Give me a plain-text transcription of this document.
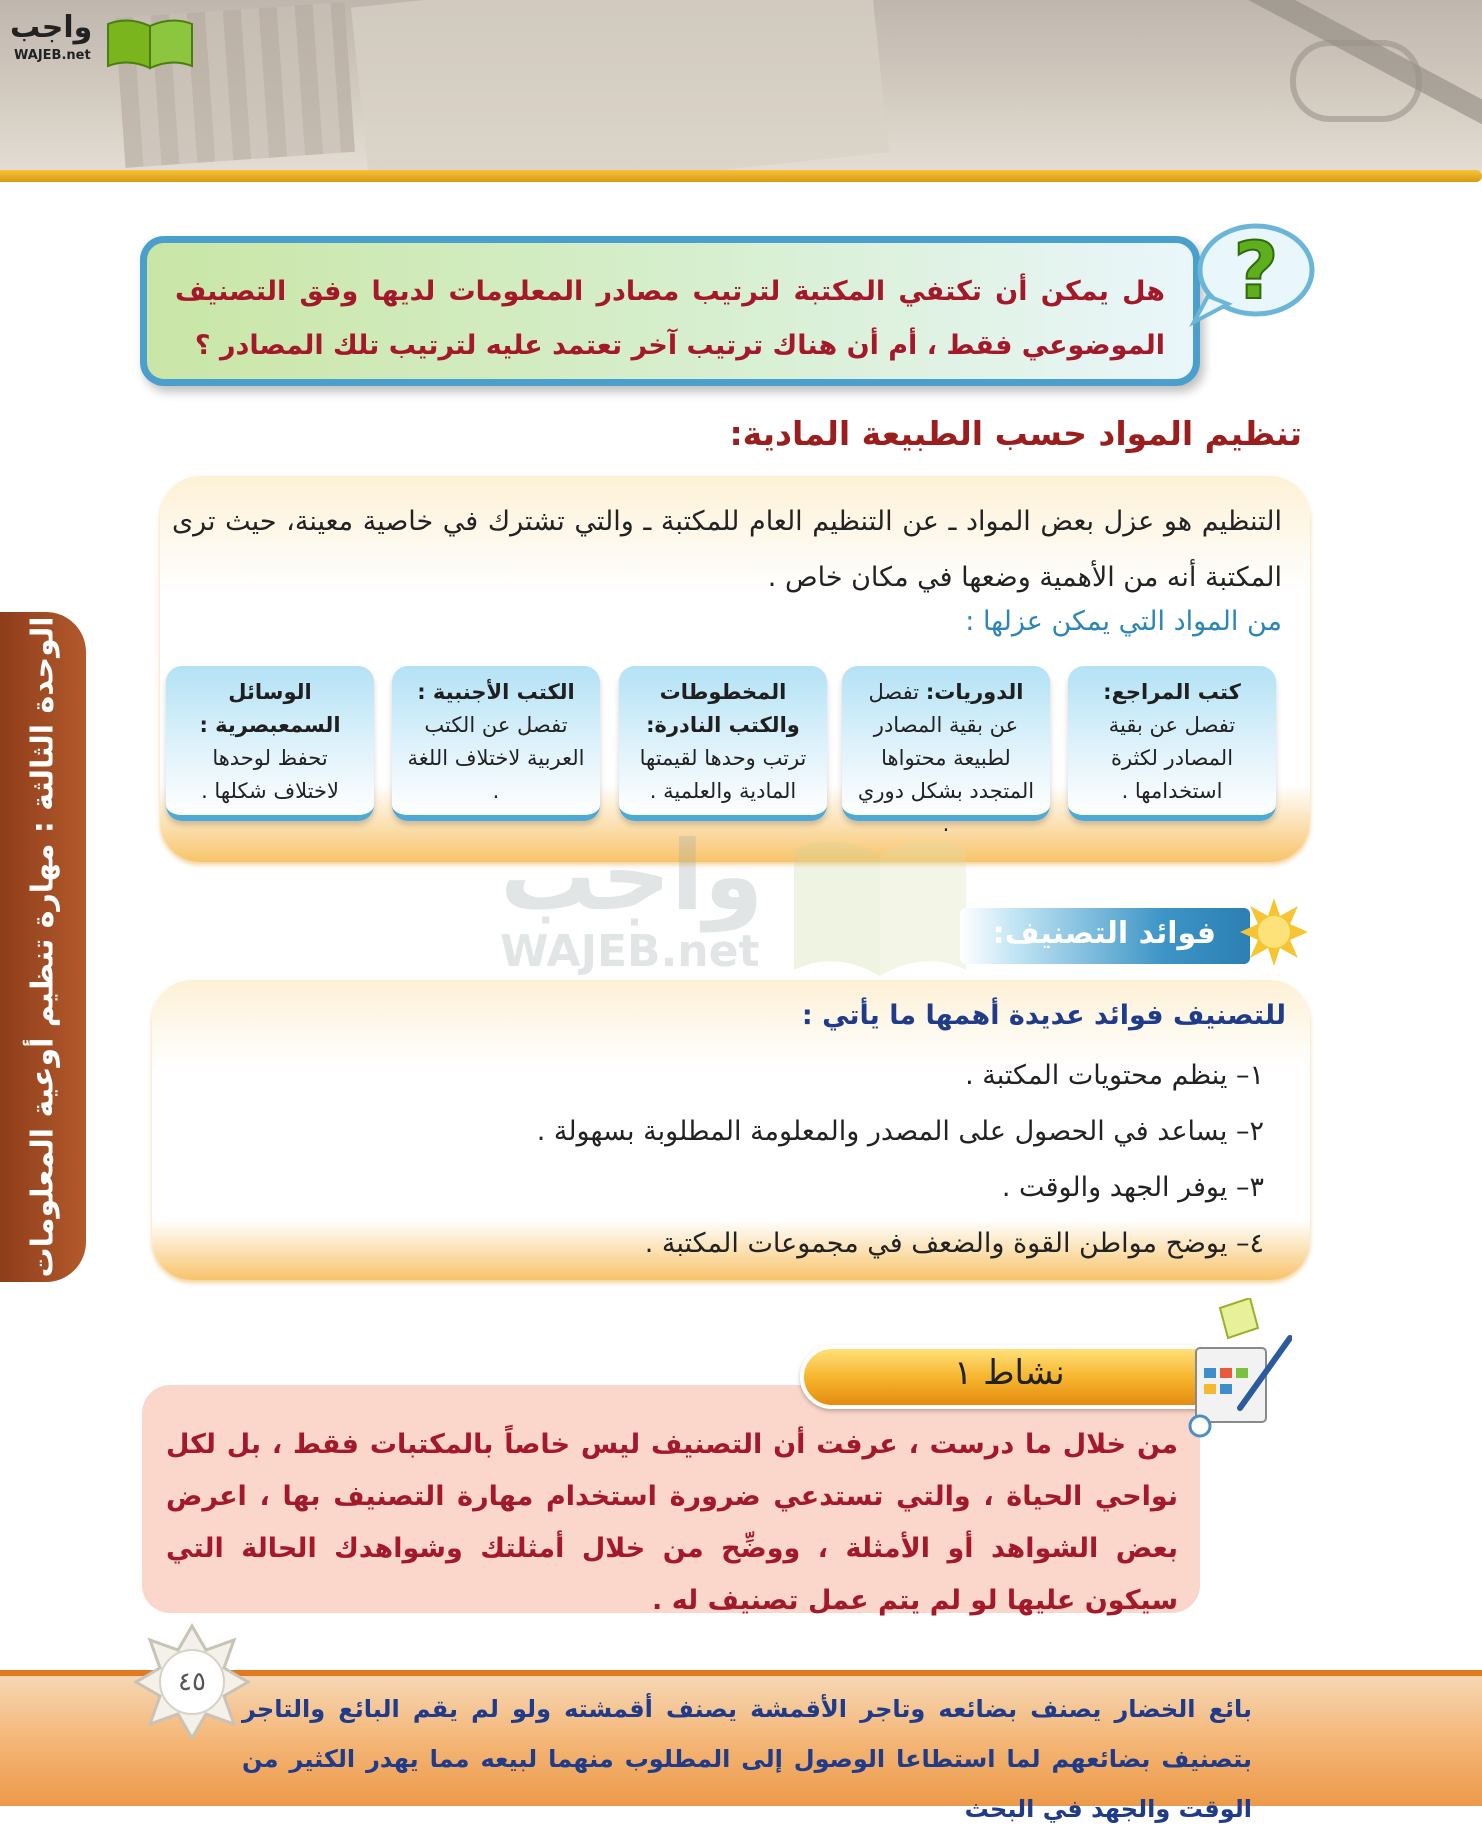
واجب
WAJEB.net
الوحدة الثالثة : مهارة تنظيم أوعية المعلومات

هل يمكن أن تكتفي المكتبة لترتيب مصادر المعلومات لديها وفق التصنيف الموضوعي فقط ، أم أن هناك ترتيب آخر تعتمد عليه لترتيب تلك المصادر ؟

?
تنظيم المواد حسب الطبيعة المادية:

التنظيم هو عزل بعض المواد ـ عن التنظيم العام للمكتبة ـ والتي تشترك في خاصية معينة، حيث ترى المكتبة أنه من الأهمية وضعها في مكان خاص .

من المواد التي يمكن عزلها :

كتب المراجع: تفصل عن بقية المصادر لكثرة استخدامها .
الدوريات: تفصل عن بقية المصادر لطبيعة محتواها المتجدد بشكل دوري .
المخطوطات والكتب النادرة: ترتب وحدها لقيمتها المادية والعلمية .
الكتب الأجنبية : تفصل عن الكتب العربية لاختلاف اللغة .
الوسائل السمعبصرية : تحفظ لوحدها لاختلاف شكلها .
واجب
WAJEB.net	فوائد التصنيف:

للتصنيف فوائد عديدة أهمها ما يأتي :

١– ينظم محتويات المكتبة .
٢– يساعد في الحصول على المصدر والمعلومة المطلوبة بسهولة .
٣– يوفر الجهد والوقت .
٤– يوضح مواطن القوة والضعف في مجموعات المكتبة .

من خلال ما درست ، عرفت أن التصنيف ليس خاصاً بالمكتبات فقط ، بل لكل نواحي الحياة ، والتي تستدعي ضرورة استخدام مهارة التصنيف بها ، اعرض بعض الشواهد أو الأمثلة ، ووضِّح من خلال أمثلتك وشواهدك الحالة التي سيكون عليها لو لم يتم عمل تصنيف له .

نشاط ١

بائع الخضار يصنف بضائعه وتاجر الأقمشة يصنف أقمشته ولو لم يقم البائع والتاجر بتصنيف بضائعهم لما استطاعا الوصول إلى المطلوب منهما لبيعه مما يهدر الكثير من الوقت والجهد في البحث

٤٥
